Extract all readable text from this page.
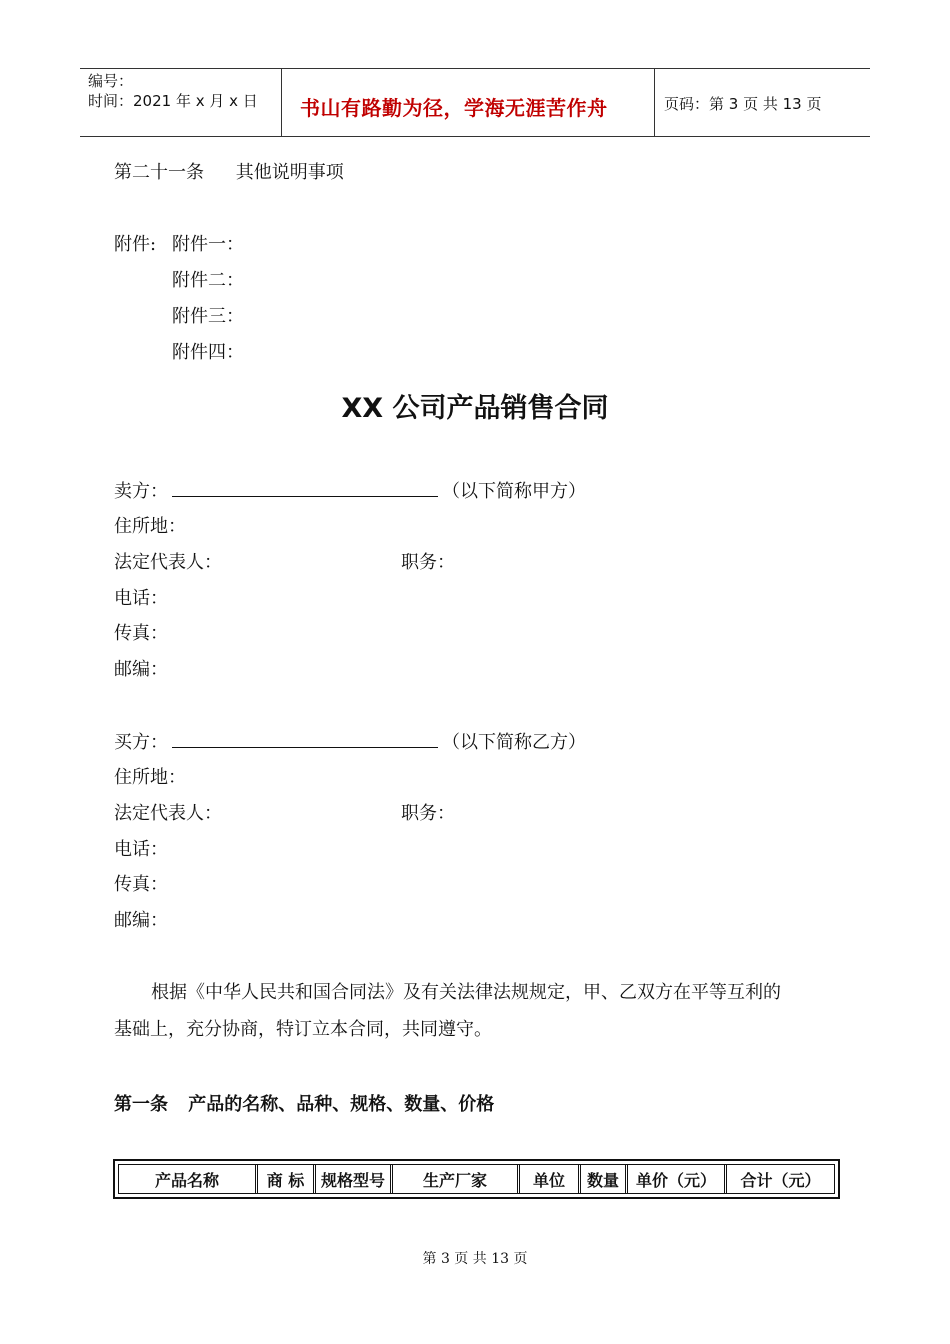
编号：
时间：2021 年 x 月 x 日 书山有路勤为径，学海无涯苦作舟	页码：第 3 页 共 13 页
第二十一条 其他说明事项
附件: 附件一：
附件二：
附件三：
附件四：
XX 公司产品销售合同
卖方：	（以下简称甲方）
住所地：
法定代表人：	职务：
电话：
传真：
邮编：
买方：	（以下简称乙方）
住所地：
法定代表人：	职务：
电话：
传真：
邮编：
根据《中华人民共和国合同法》及有关法律法规规定，甲、乙双方在平等互利的
基础上，充分协商，特订立本合同，共同遵守。
第一条 产品的名称、品种、规格、数量、价格
产品名称	商 标	规格型号	生产厂家	单位	数量	单价（元）	合计（元）
第 3 页 共 13 页
